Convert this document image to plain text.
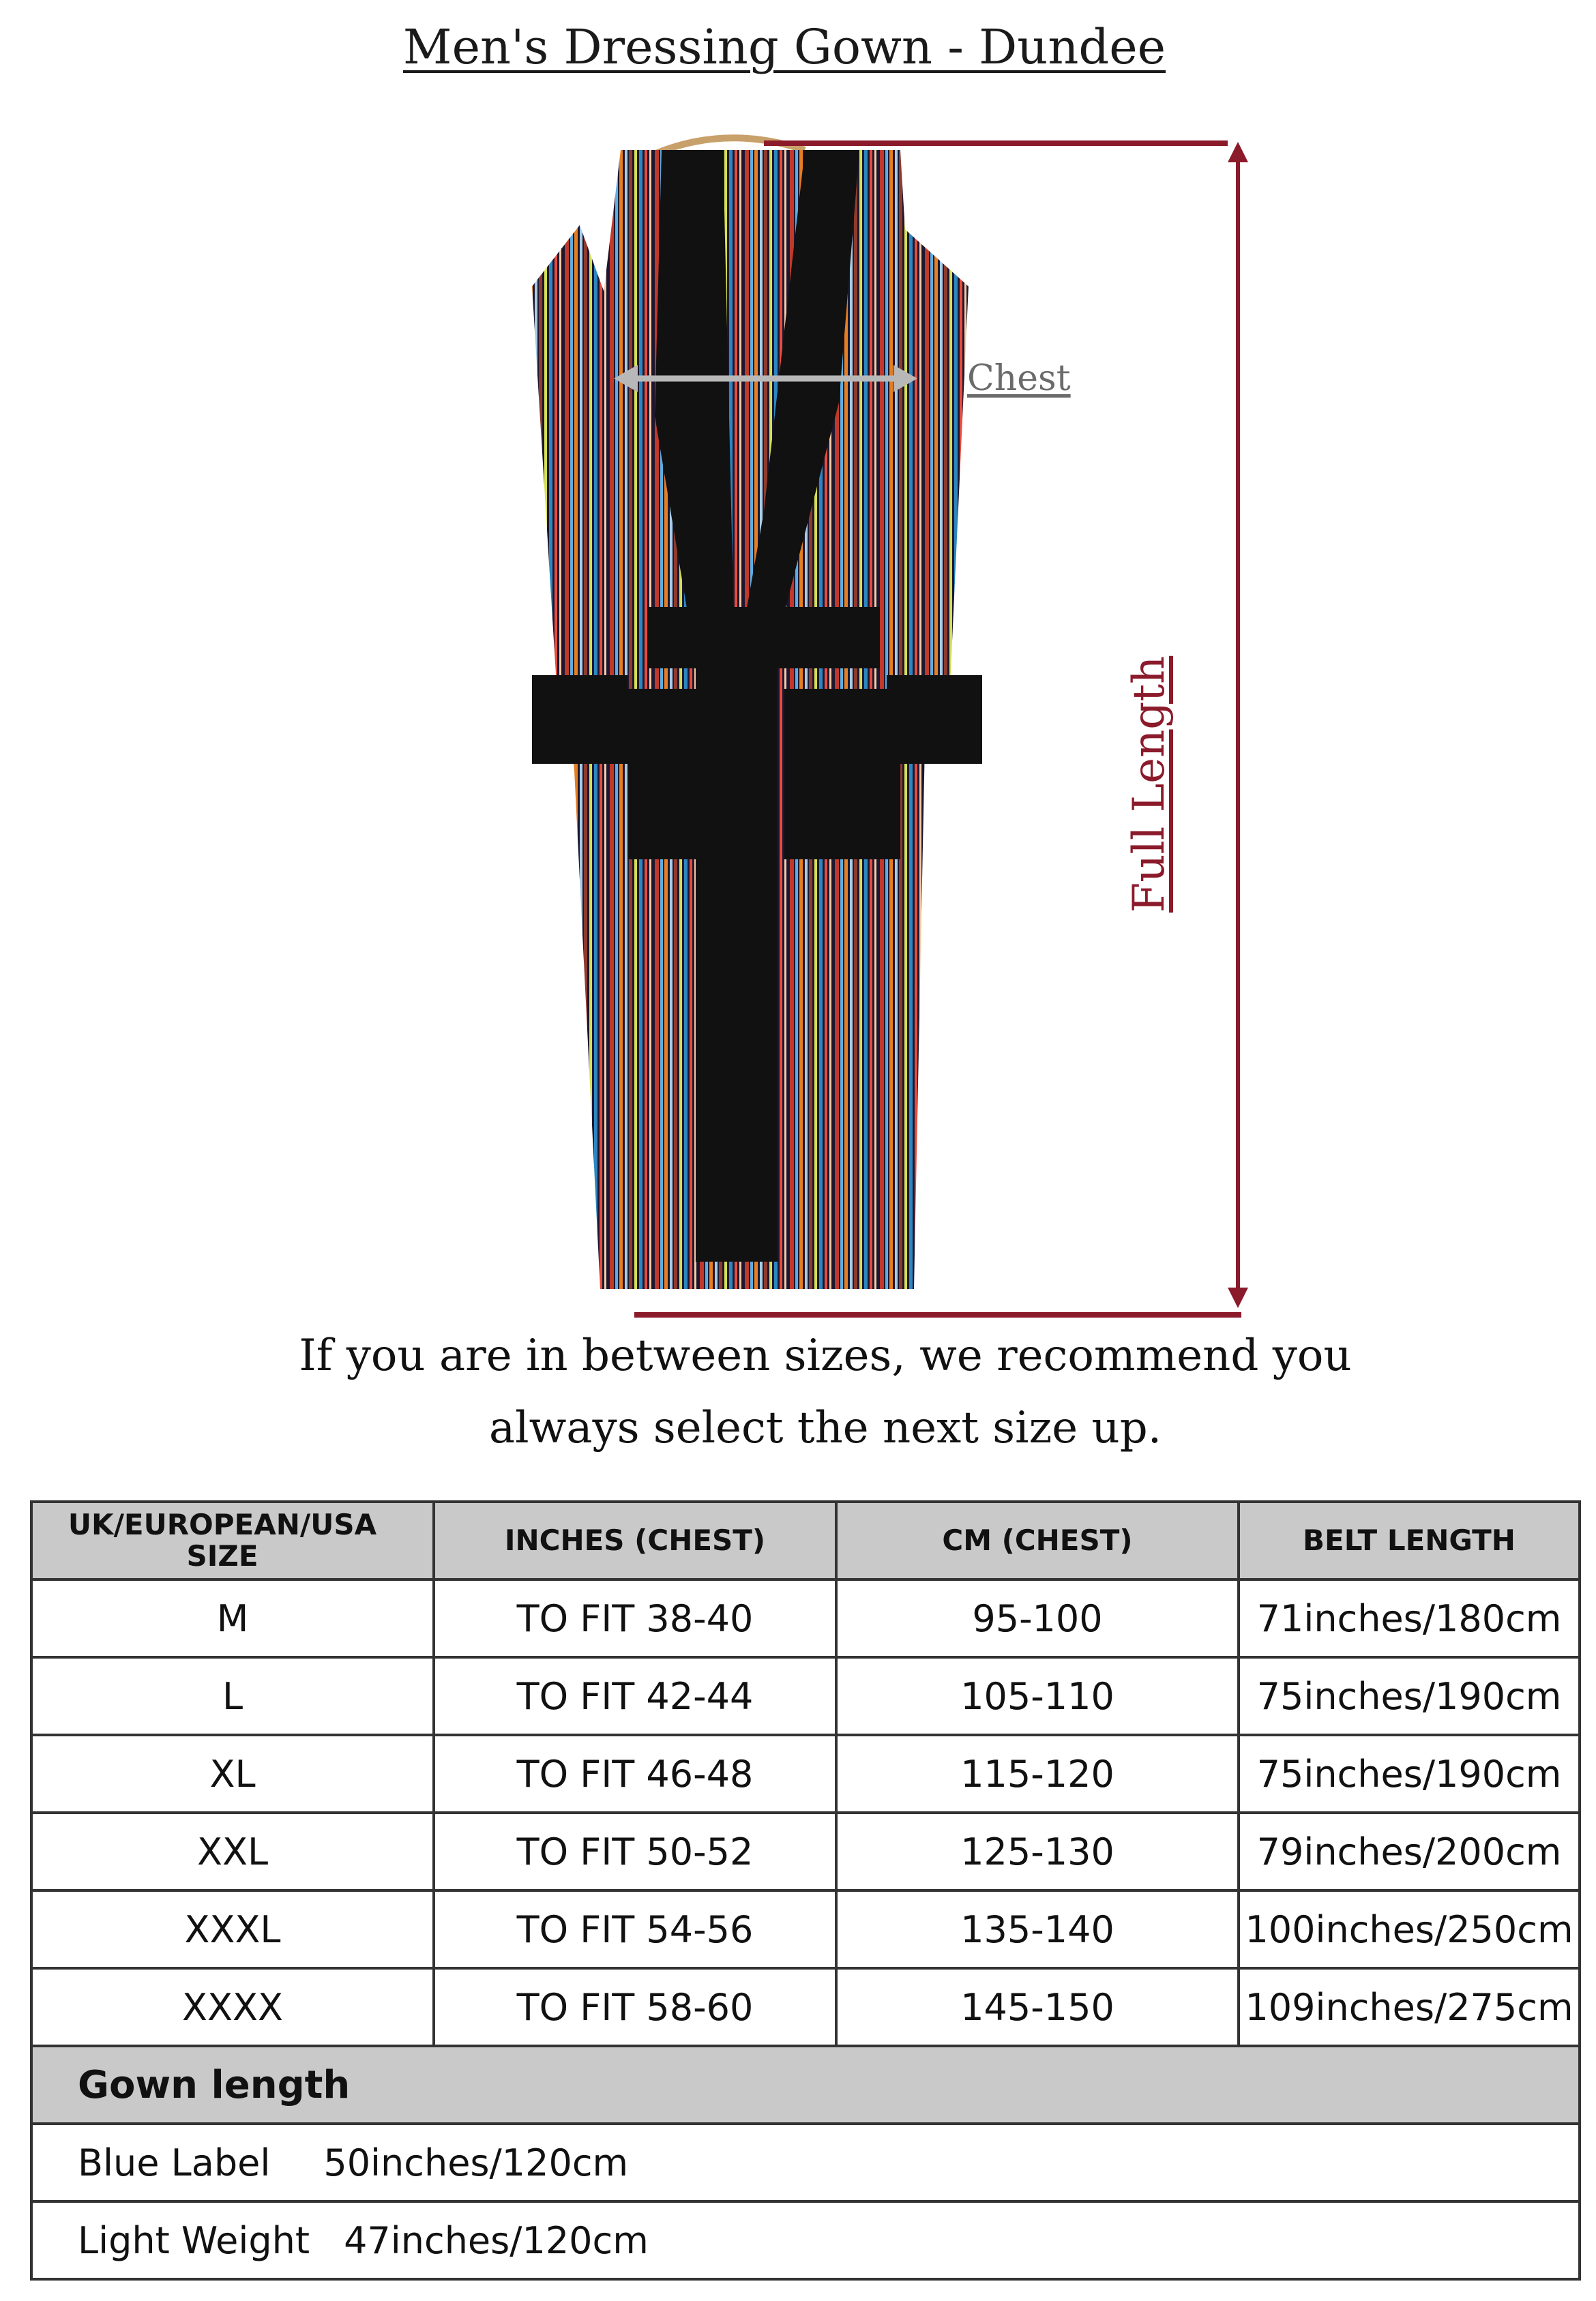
Men's Dressing Gown - Dundee
Chest
Full Length
If you are in between sizes, we recommend you
always select the next size up.
UK/EUROPEAN/USA SIZE	INCHES (CHEST)	CM (CHEST)	BELT LENGTH
M	TO FIT 38-40	95-100	71inches/180cm
L	TO FIT 42-44	105-110	75inches/190cm
XL	TO FIT 46-48	115-120	75inches/190cm
XXL	TO FIT 50-52	125-130	79inches/200cm
XXXL	TO FIT 54-56	135-140	100inches/250cm
XXXX	TO FIT 58-60	145-150	109inches/275cm
Gown length			
Blue Label 50inches/120cm			
Light Weight 47inches/120cm			
